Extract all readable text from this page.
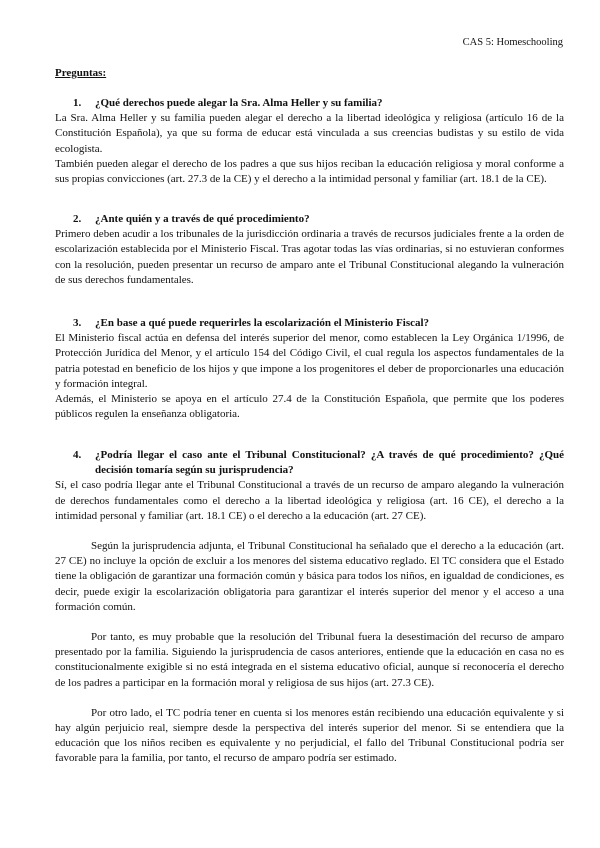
CAS 5: Homeschooling
Preguntas:
1.	¿Qué derechos puede alegar la Sra. Alma Heller y su familia?

La Sra. Alma Heller y su familia pueden alegar el derecho a la libertad ideológica y religiosa (artículo 16 de la Constitución Española), ya que su forma de educar está vinculada a sus creencias budistas y su estilo de vida ecologista.

También pueden alegar el derecho de los padres a que sus hijos reciban la educación religiosa y moral conforme a sus propias convicciones (art. 27.3 de la CE) y el derecho a la intimidad personal y familiar (art. 18.1 de la CE).

2.	¿Ante quién y a través de qué procedimiento?

Primero deben acudir a los tribunales de la jurisdicción ordinaria a través de recursos judiciales frente a la orden de escolarización establecida por el Ministerio Fiscal. Tras agotar todas las vías ordinarias, si no estuvieran conformes con la resolución, pueden presentar un recurso de amparo ante el Tribunal Constitucional alegando la vulneración de sus derechos fundamentales.

3.	¿En base a qué puede requerirles la escolarización el Ministerio Fiscal?

El Ministerio fiscal actúa en defensa del interés superior del menor, como establecen la Ley Orgánica 1/1996, de Protección Jurídica del Menor, y el artículo 154 del Código Civil, el cual regula los aspectos fundamentales de la patria potestad en beneficio de los hijos y que impone a los progenitores el deber de proporcionarles una educación y formación integral.

Además, el Ministerio se apoya en el artículo 27.4 de la Constitución Española, que permite que los poderes públicos regulen la enseñanza obligatoria.

4.	¿Podría llegar el caso ante el Tribunal Constitucional? ¿A través de qué procedimiento? ¿Qué decisión tomaría según su jurisprudencia?

Sí, el caso podría llegar ante el Tribunal Constitucional a través de un recurso de amparo alegando la vulneración de derechos fundamentales como el derecho a la libertad ideológica y religiosa (art. 16 CE), el derecho a la intimidad personal y familiar (art. 18.1 CE) o el derecho a la educación (art. 27 CE).

Según la jurisprudencia adjunta, el Tribunal Constitucional ha señalado que el derecho a la educación (art. 27 CE) no incluye la opción de excluir a los menores del sistema educativo reglado. El TC considera que el Estado tiene la obligación de garantizar una formación común y básica para todos los niños, en igualdad de condiciones, es decir, puede exigir la escolarización obligatoria para garantizar el interés superior del menor y el acceso a una formación común.

Por tanto, es muy probable que la resolución del Tribunal fuera la desestimación del recurso de amparo presentado por la familia. Siguiendo la jurisprudencia de casos anteriores, entiende que la educación en casa no es constitucionalmente exigible si no está integrada en el sistema educativo oficial, aunque sí reconocería el derecho de los padres a participar en la formación moral y religiosa de sus hijos (art. 27.3 CE).

Por otro lado, el TC podría tener en cuenta si los menores están recibiendo una educación equivalente y si hay algún perjuicio real, siempre desde la perspectiva del interés superior del menor. Si se entendiera que la educación que los niños reciben es equivalente y no perjudicial, el fallo del Tribunal Constitucional podría ser favorable para la familia, por tanto, el recurso de amparo podría ser estimado.
